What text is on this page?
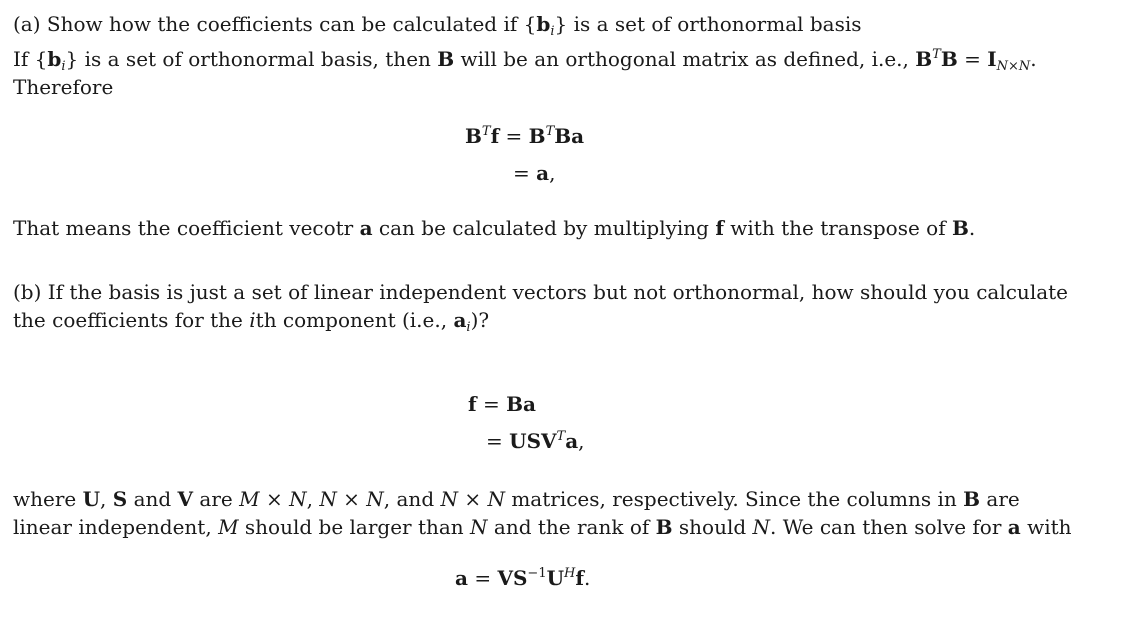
(a) Show how the coefficients can be calculated if $\{b_i\}$ is a set of orthonormal basis
If $\{b_i\}$ is a set of orthonormal basis, then B will be an orthogonal matrix as defined, i.e., $B^TB = I_{N\times N}$.
Therefore
$B^Tf = B^TBa$
= a,
That means the coefficient vecotr a can be calculated by multiplying f with the transpose of B.
(b) If the basis is just a set of linear independent vectors but not orthonormal, how should you calculate
the coefficients for the ith component (i.e., $a_i$)?
f = Ba
= $USV^Ta$,
where U, S and V are M × N, N × N, and N × N matrices, respectively. Since the columns in B are
linear independent, M should be larger than N and the rank of B should N. We can then solve for a with
$a = VS^{-1}U^Hf$.
